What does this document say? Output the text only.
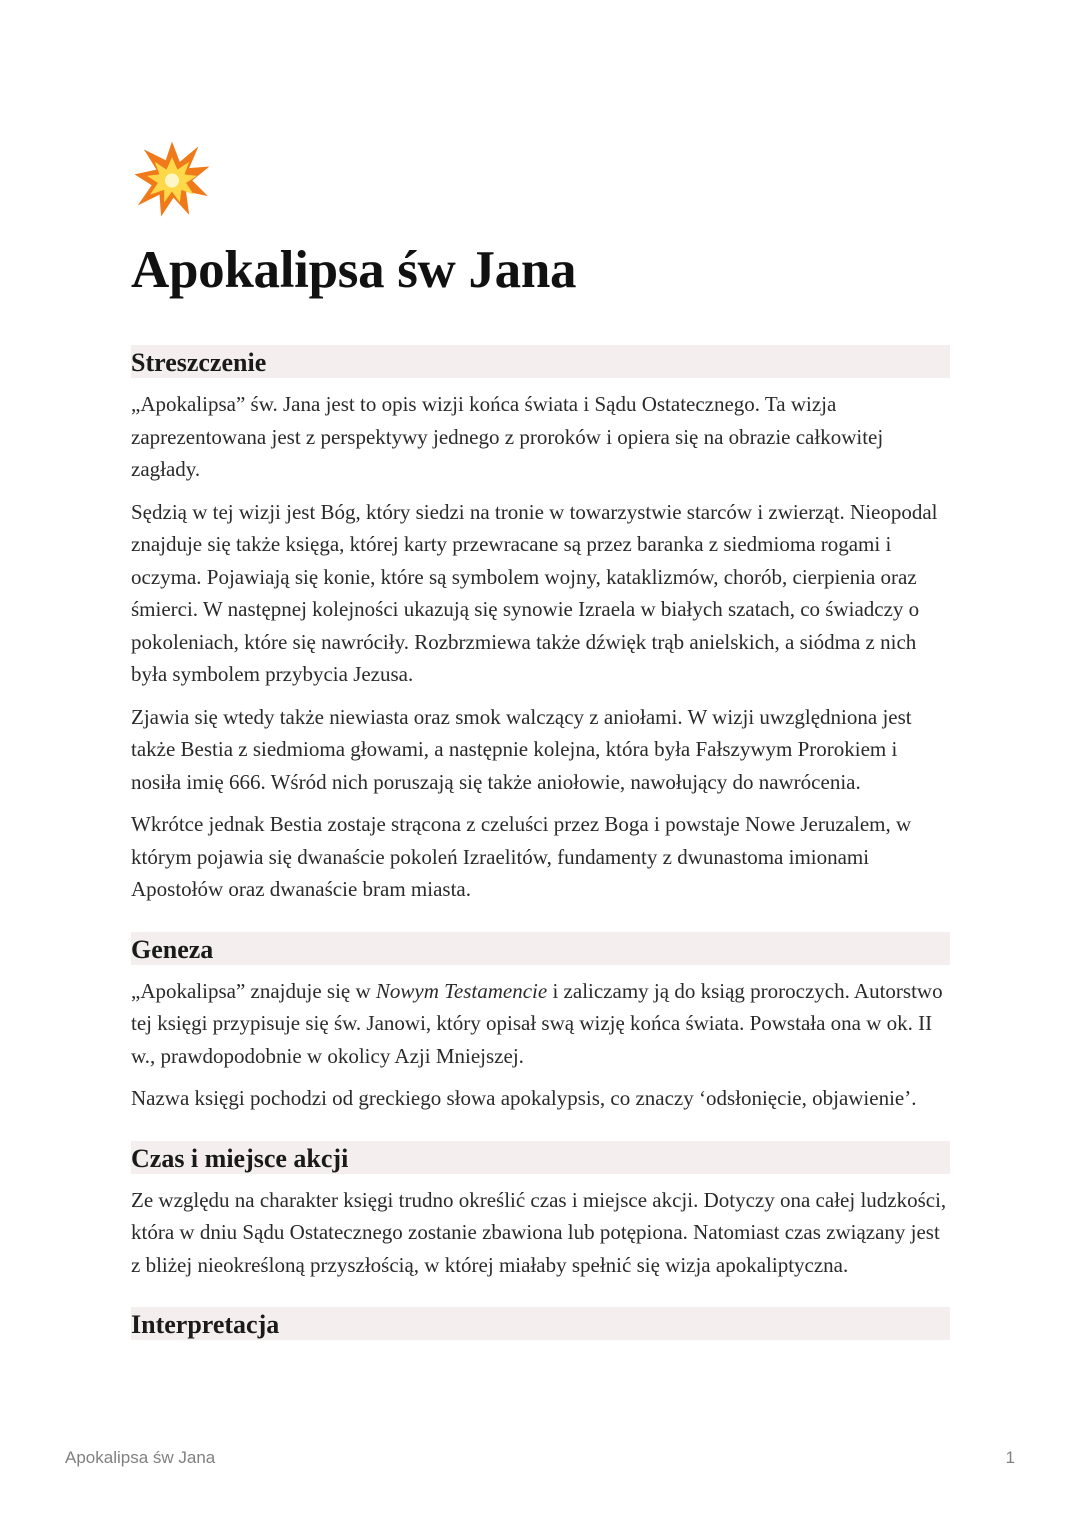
Apokalipsa św Jana
Streszczenie

„Apokalipsa” św. Jana jest to opis wizji końca świata i Sądu Ostatecznego. Ta wizja zaprezentowana jest z perspektywy jednego z proroków i opiera się na obrazie całkowitej zagłady.

Sędzią w tej wizji jest Bóg, który siedzi na tronie w towarzystwie starców i zwierząt. Nieopodal znajduje się także księga, której karty przewracane są przez baranka z siedmioma rogami i oczyma. Pojawiają się konie, które są symbolem wojny, kataklizmów, chorób, cierpienia oraz śmierci. W następnej kolejności ukazują się synowie Izraela w białych szatach, co świadczy o pokoleniach, które się nawróciły. Rozbrzmiewa także dźwięk trąb anielskich, a siódma z nich była symbolem przybycia Jezusa.

Zjawia się wtedy także niewiasta oraz smok walczący z aniołami. W wizji uwzględniona jest także Bestia z siedmioma głowami, a następnie kolejna, która była Fałszywym Prorokiem i nosiła imię 666. Wśród nich poruszają się także aniołowie, nawołujący do nawrócenia.

Wkrótce jednak Bestia zostaje strącona z czeluści przez Boga i powstaje Nowe Jeruzalem, w którym pojawia się dwanaście pokoleń Izraelitów, fundamenty z dwunastoma imionami Apostołów oraz dwanaście bram miasta.

Geneza

„Apokalipsa” znajduje się w Nowym Testamencie i zaliczamy ją do ksiąg proroczych. Autorstwo tej księgi przypisuje się św. Janowi, który opisał swą wizję końca świata. Powstała ona w ok. II w., prawdopodobnie w okolicy Azji Mniejszej.

Nazwa księgi pochodzi od greckiego słowa apokalypsis, co znaczy ‘odsłonięcie, objawienie’.

Czas i miejsce akcji

Ze względu na charakter księgi trudno określić czas i miejsce akcji. Dotyczy ona całej ludzkości, która w dniu Sądu Ostatecznego zostanie zbawiona lub potępiona. Natomiast czas związany jest z bliżej nieokreśloną przyszłością, w której miałaby spełnić się wizja apokaliptyczna.

Interpretacja
Apokalipsa św Jana	1
